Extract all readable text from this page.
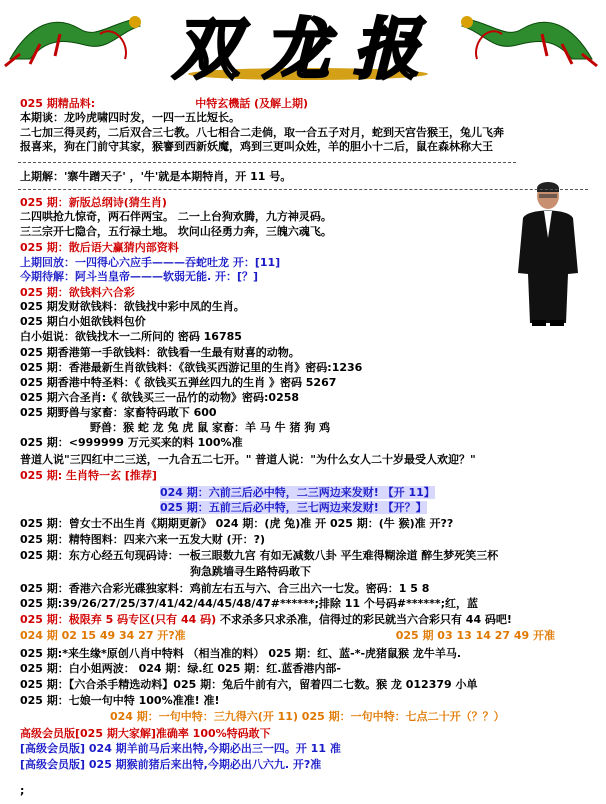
双 龙 报
025 期精品料:	中特玄機話 (及解上期)
本期谈：龙吟虎啸四时发，一四一五比短长。
二七加三得灵药，二后双合三七教。八七相合二走倘，取一合五子对月，蛇到天宫告猴王，兔儿飞奔
报喜来，狗在门前守其家，猴謇到西新妖魔，鸡到三更叫众姓，羊的胆小十二后，鼠在森林称大王
上期解：'寨牛蹭天子' ，'牛'就是本期特肖，开 11 号。
025 期：新版总纲诗(猜生肖)
二四哄抢九惊奇，两石伴两宝。 二一上台狗欢腾，九方神灵码。
三三宗开七隐合，五行禄土地。 坎问山径勇力奔，三魄六魂飞。
025 期：散后语大赢猜内部资料
上期回放：一四得心六应手———吞蛇吐龙 开：[11]
今期待解：阿斗当皇帝———软弱无能. 开：[？]
025 期：欲钱料六合彩
025 期发财欲钱料：欲钱找中彩中凤的生肖。
025 期白小姐欲钱料包价
白小姐说：欲钱找木一二所问的 密码 16785
025 期香港第一手欲钱料：欲钱看一生最有财喜的动物。
025 期：香港最新生肖欲钱料：《欲钱买西游记里的生肖》密码:1236
025 期香港中特圣料：《 欲钱买五弹丝四九的生肖 》密码 5267
025 期六合圣肖:《 欲钱买三一品竹的动物》密码:0258
025 期野兽与家畜：家畜特码敢下 600
野兽：猴 蛇 龙 兔 虎 鼠 家畜：羊 马 牛 猪 狗 鸡
025 期：<999999 万元买来的料 100%准
普道人说"三四红中二三送，一九合五二七开。" 普道人说："为什么女人二十岁最受人欢迎？"
025 期: 生肖特一玄 [推荐]
024 期：六前三后必中特，二三两边来发财! 【开 11】
025 期：五前三后必中特，三七两边来发财! 【开？】
025 期：曾女士不出生肖《期期更新》 024 期：(虎 兔)准 开 025 期：(牛 猴)准 开??
025 期：精特图料：四来六来一五发大财 (开：?)
025 期：东方心经五句现码诗：一板三眼数九宫 有如无减数八卦 平生难得糊涂道 醉生梦死笑三杯
狗急跳墙寻生路特码敢下
025 期：香港六合彩光碟独家料：鸡前左右五与六、合三出六一七发。密码：1 5 8
025 期:39/26/27/25/37/41/42/44/45/48/47#******;排除 11 个号码#******;红，蓝
025 期：极限弃 5 码专区(只有 44 码) 不求杀多只求杀准，信得过的彩民就当六合彩只有 44 码吧!
024 期 02 15 49 34 27 开?准	025 期 03 13 14 27 49 开准
025 期:*来生缘*原创八肖中特料 （相当准的料） 025 期：红、蓝-*-虎猪鼠猴 龙牛羊马.
025 期：白小姐两波： 024 期：绿.红 025 期：红.蓝香港内部-
025 期：【六合杀手精选动料】025 期：兔后牛前有六，留着四二七数。猴 龙 012379 小单
025 期：七娘一句中特 100%准准! 准!
024 期：一句中特：三九得六(开 11) 025 期：一句中特：七点二十开（？？）
高级会员版[025 期大家解]准确率 100%特码敢下
[高级会员版] 024 期羊前马后来出特,今期必出三一四。开 11 准
[高级会员版] 025 期猴前猪后来出特,今期必出八六九. 开?准
;
